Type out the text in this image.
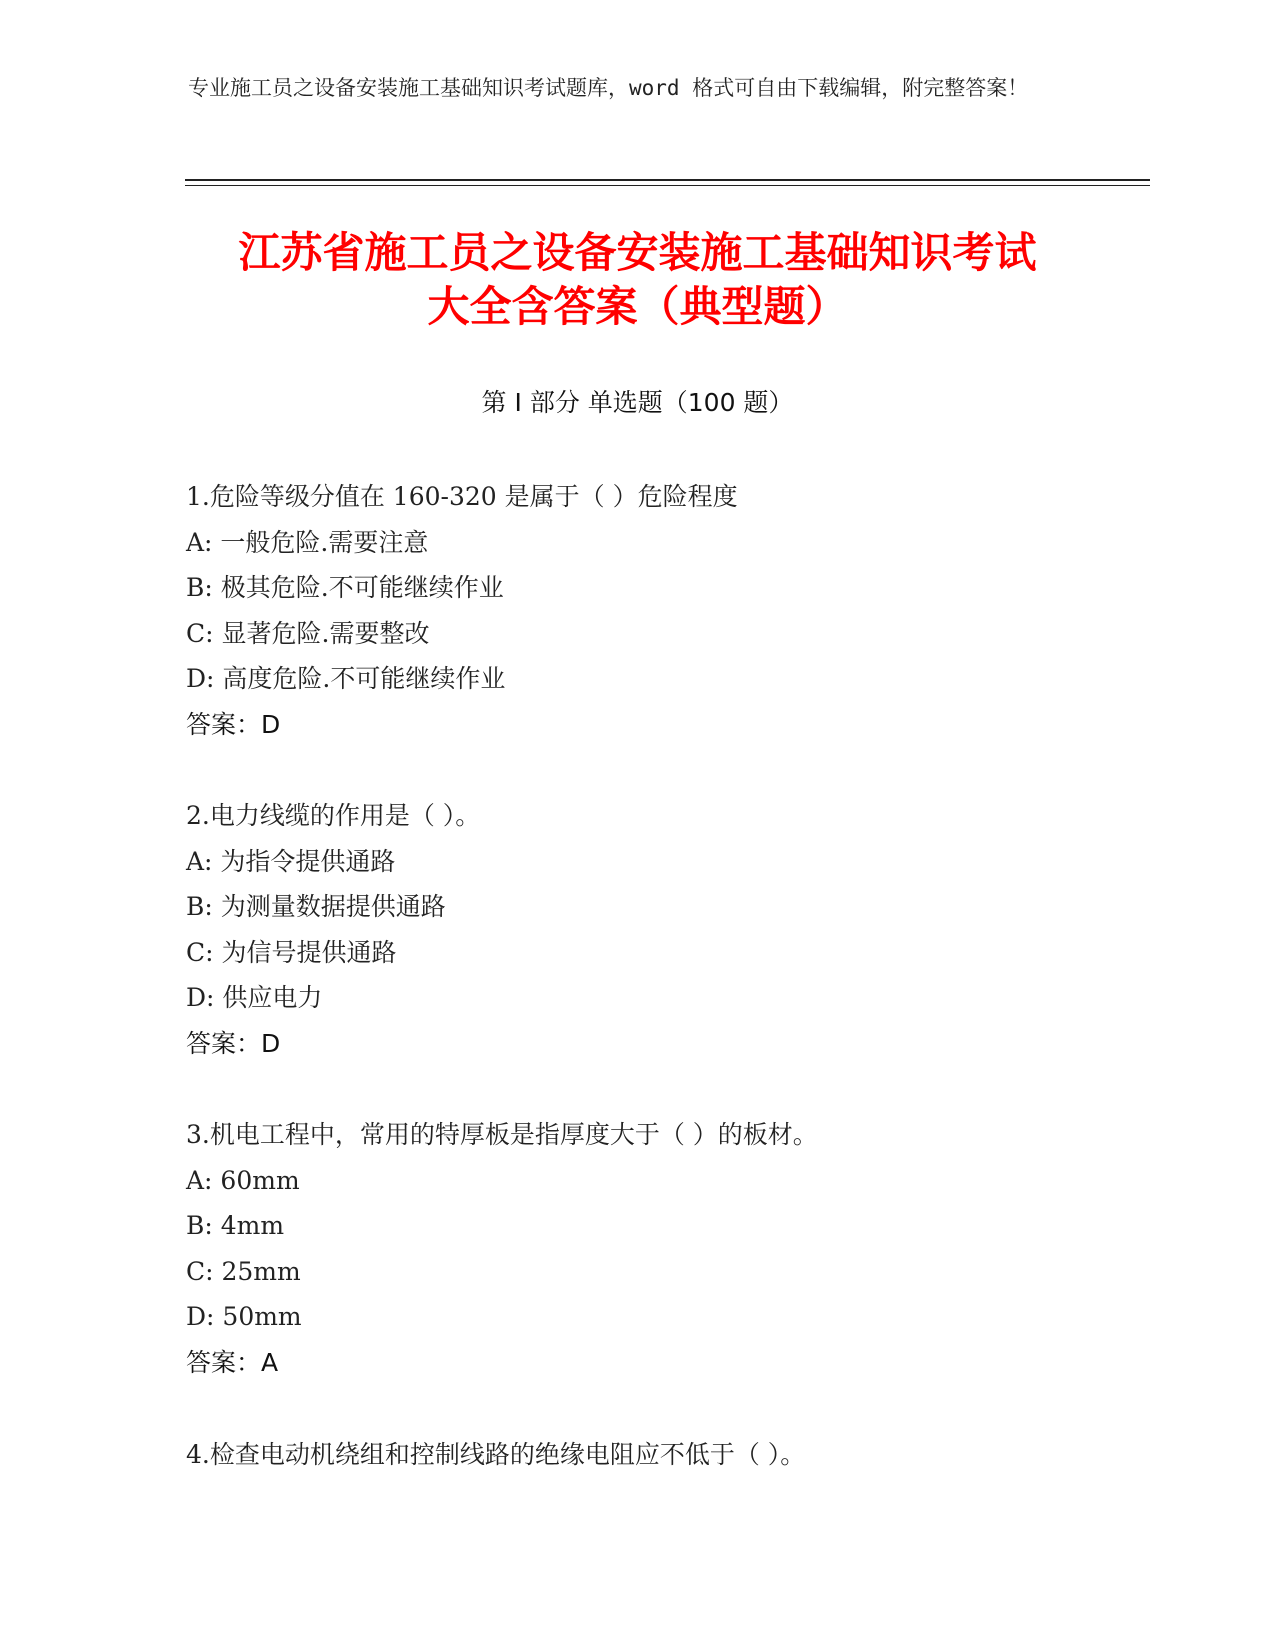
专业施工员之设备安装施工基础知识考试题库，word 格式可自由下载编辑，附完整答案！
江苏省施工员之设备安装施工基础知识考试
大全含答案（典型题）
第 I 部分 单选题（100 题）
1.危险等级分值在 160-320 是属于（ ）危险程度
A: 一般危险.需要注意
B: 极其危险.不可能继续作业
C: 显著危险.需要整改
D: 高度危险.不可能继续作业
答案：D
2.电力线缆的作用是（ ）。
A: 为指令提供通路
B: 为测量数据提供通路
C: 为信号提供通路
D: 供应电力
答案：D
3.机电工程中，常用的特厚板是指厚度大于（ ）的板材。
A: 60mm
B: 4mm
C: 25mm
D: 50mm
答案：A
4.检查电动机绕组和控制线路的绝缘电阻应不低于（ ）。
